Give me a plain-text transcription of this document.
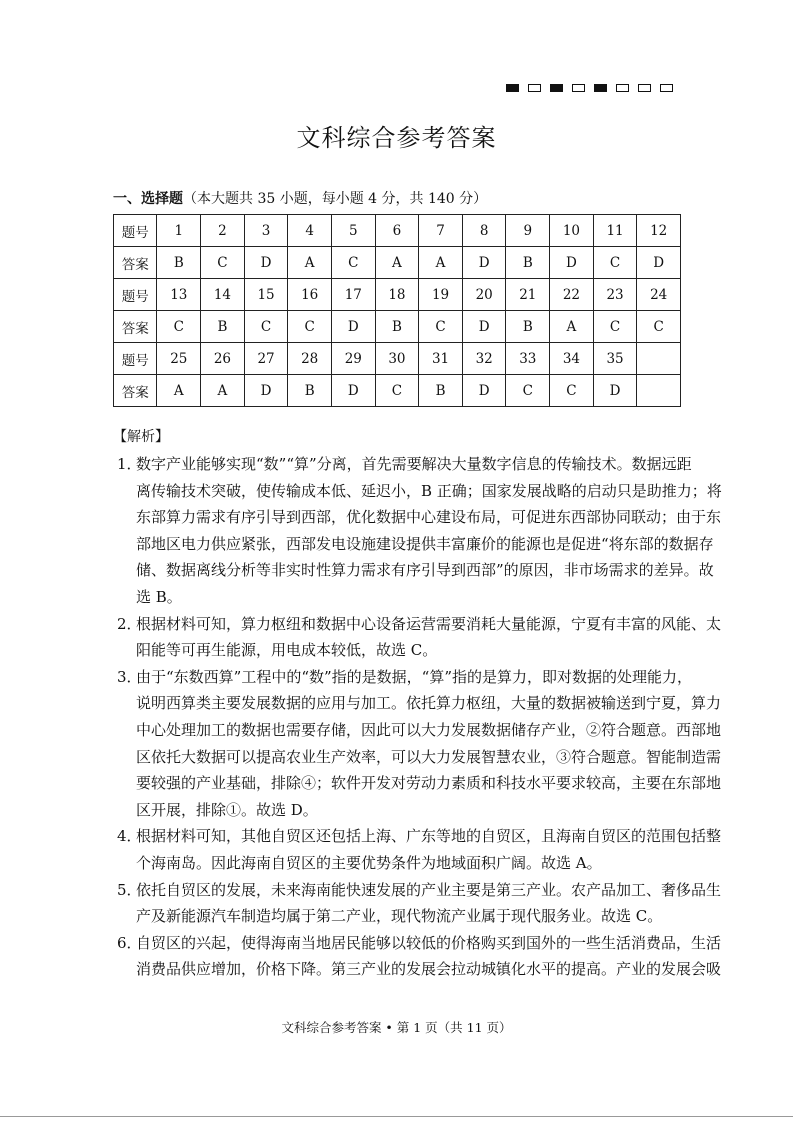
文科综合参考答案
一、选择题（本大题共 35 小题，每小题 4 分，共 140 分）
题号	1	2	3	4	5	6	7	8	9	10	11	12
答案	B	C	D	A	C	A	A	D	B	D	C	D
题号	13	14	15	16	17	18	19	20	21	22	23	24
答案	C	B	C	C	D	B	C	D	B	A	C	C
题号	25	26	27	28	29	30	31	32	33	34	35	
答案	A	A	D	B	D	C	B	D	C	C	D	
【解析】
1．数字产业能够实现“数”“算”分离，首先需要解决大量数字信息的传输技术。数据远距
离传输技术突破，使传输成本低、延迟小，B 正确；国家发展战略的启动只是助推力；将
东部算力需求有序引导到西部，优化数据中心建设布局，可促进东西部协同联动；由于东
部地区电力供应紧张，西部发电设施建设提供丰富廉价的能源也是促进“将东部的数据存
储、数据离线分析等非实时性算力需求有序引导到西部”的原因，非市场需求的差异。故
选 B。
2．根据材料可知，算力枢纽和数据中心设备运营需要消耗大量能源，宁夏有丰富的风能、太
阳能等可再生能源，用电成本较低，故选 C。
3．由于“东数西算”工程中的“数”指的是数据，“算”指的是算力，即对数据的处理能力，
说明西算类主要发展数据的应用与加工。依托算力枢纽，大量的数据被输送到宁夏，算力
中心处理加工的数据也需要存储，因此可以大力发展数据储存产业，②符合题意。西部地
区依托大数据可以提高农业生产效率，可以大力发展智慧农业，③符合题意。智能制造需
要较强的产业基础，排除④；软件开发对劳动力素质和科技水平要求较高，主要在东部地
区开展，排除①。故选 D。
4．根据材料可知，其他自贸区还包括上海、广东等地的自贸区，且海南自贸区的范围包括整
个海南岛。因此海南自贸区的主要优势条件为地域面积广阔。故选 A。
5．依托自贸区的发展，未来海南能快速发展的产业主要是第三产业。农产品加工、奢侈品生
产及新能源汽车制造均属于第二产业，现代物流产业属于现代服务业。故选 C。
6．自贸区的兴起，使得海南当地居民能够以较低的价格购买到国外的一些生活消费品，生活
消费品供应增加，价格下降。第三产业的发展会拉动城镇化水平的提高。产业的发展会吸
文科综合参考答案 • 第 1 页（共 11 页）
